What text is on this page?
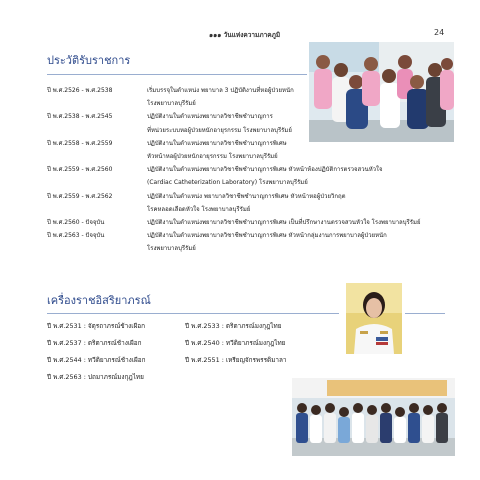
๑๑๑ วันแห่งความภาคภูมิ	24
ประวัติรับราชการ
ปี พ.ศ.2526 - พ.ศ.2538	เริ่มบรรจุในตำแหน่ง พยาบาล 3 ปฏิบัติงานที่หอผู้ป่วยหนัก
โรงพยาบาลบุรีรัมย์
ปี พ.ศ.2538 - พ.ศ.2545	ปฏิบัติงานในตำแหน่งพยาบาลวิชาชีพชำนาญการ
ที่หน่วยระบบหอผู้ป่วยหนักอายุรกรรม โรงพยาบาลบุรีรัมย์
ปี พ.ศ.2558 - พ.ศ.2559	ปฏิบัติงานในตำแหน่งพยาบาลวิชาชีพชำนาญการพิเศษ
หัวหน้าหอผู้ป่วยหนักอายุรกรรม โรงพยาบาลบุรีรัมย์
ปี พ.ศ.2559 - พ.ศ.2560	ปฏิบัติงานในตำแหน่งพยาบาลวิชาชีพชำนาญการพิเศษ หัวหน้าห้องปฏิบัติการตรวจสวนหัวใจ
(Cardiac Catheterization Laboratory) โรงพยาบาลบุรีรัมย์
ปี พ.ศ.2559 - พ.ศ.2562	ปฏิบัติงานในตำแหน่ง พยาบาลวิชาชีพชำนาญการพิเศษ หัวหน้าหอผู้ป่วยวิกฤต
โรคหลอดเลือดหัวใจ โรงพยาบาลบุรีรัมย์
ปี พ.ศ.2560 - ปัจจุบัน	ปฏิบัติงานในตำแหน่งพยาบาลวิชาชีพชำนาญการพิเศษ เป็นที่ปรึกษางานตรวจสวนหัวใจ โรงพยาบาลบุรีรัมย์
ปี พ.ศ.2563 - ปัจจุบัน	ปฏิบัติงานในตำแหน่งพยาบาลวิชาชีพชำนาญการพิเศษ หัวหน้ากลุ่มงานการพยาบาลผู้ป่วยหนัก
โรงพยาบาลบุรีรัมย์
เครื่องราชอิสริยาภรณ์
ปี พ.ศ.2531 : จัตุรถาภรณ์ช้างเผือก	ปี พ.ศ.2533 : ตริตาภรณ์มงกุฎไทย
ปี พ.ศ.2537 : ตริตาภรณ์ช้างเผือก	ปี พ.ศ.2540 : ทวีติยาภรณ์มงกุฎไทย
ปี พ.ศ.2544 : ทวีติยาภรณ์ช้างเผือก	ปี พ.ศ.2551 : เหรียญจักรพรรดิมาลา
ปี พ.ศ.2563 : ปถมาภรณ์มงกุฎไทย
